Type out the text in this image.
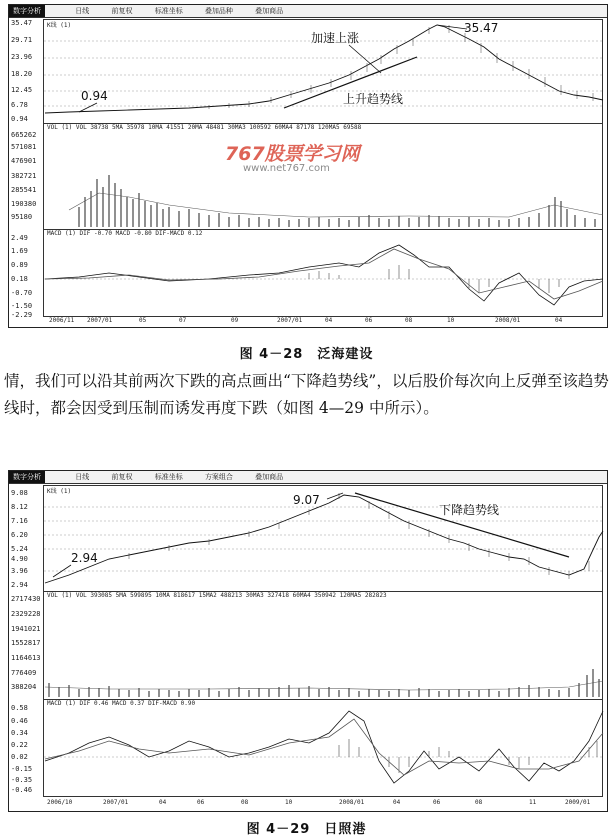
数字分析	日线	前复权	标准坐标	叠加品种	叠加商品
K线 (1)
35.47
29.71
23.96
18.20
12.45
6.78
0.94
加速上涨
上升趋势线
35.47
0.94
VOL (1) VOL 38738 5MA 35978 10MA 41551 20MA 48481 30MA3 100592 60MA4 87178 120MA5 69588
665262
571081
476901
382721
285541
190380
95180
767股票学习网
www.net767.com
MACD (1) DIF -0.70 MACD -0.80 DIF-MACD 0.12
2.49
1.69
0.89
0.18
-0.70
-1.50
-2.29
2006/11 2007/01	05	07	09	2007/01	04	06	08	10	2008/01	04
图 4－28　泛海建设
情，我们可以沿其前两次下跌的高点画出“下降趋势线”，以后股价每次向上反弹至该趋势线时，都会因受到压制而诱发再度下跌（如图 4—29 中所示）。
数字分析	日线	前复权	标准坐标	方案组合	叠加商品
K线 (1)
9.08
8.12
7.16
6.20
5.24
4.90
3.96
2.94
9.07
下降趋势线
2.94
VOL (1) VOL 393085 5MA 599895 10MA 818617 15MA2 488213 30MA3 327418 60MA4 350942 120MA5 282823
2717430
2329228
1941021
1552817
1164613
776409
388204
MACD (1) DIF 0.46 MACD 0.37 DIF-MACD 0.90
0.58
0.46
0.34
0.22
0.02
-0.15
-0.35
-0.46
2006/10	2007/01	04	06	08	10	2008/01	04	06	08	11	2009/01
图 4－29　日照港
